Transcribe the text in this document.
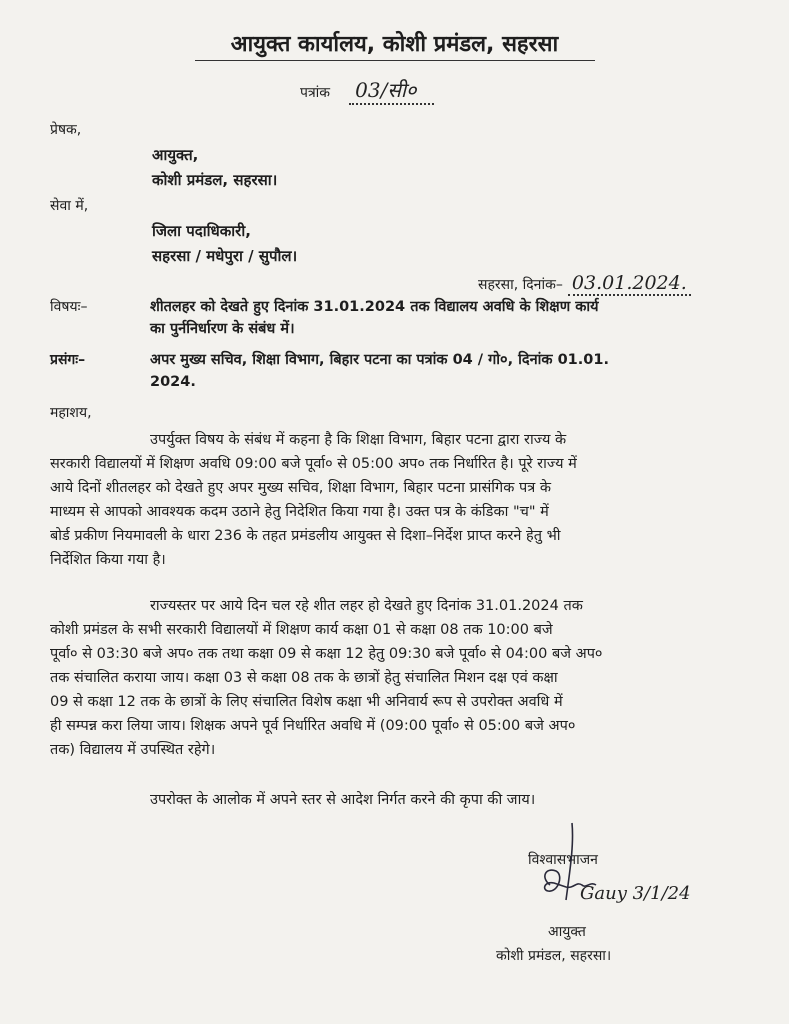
आयुक्त कार्यालय, कोशी प्रमंडल, सहरसा
पत्रांक 03/सी०
प्रेषक,
आयुक्त,
कोशी प्रमंडल, सहरसा।
सेवा में,
जिला पदाधिकारी,
सहरसा / मधेपुरा / सुपौल।
सहरसा, दिनांक– 03.01.2024.
विषयः–	शीतलहर को देखते हुए दिनांक 31.01.2024 तक विद्यालय अवधि के शिक्षण कार्य
का पुर्ननिर्धारण के संबंध में।
प्रसंगः–	अपर मुख्य सचिव, शिक्षा विभाग, बिहार पटना का पत्रांक 04 / गो०, दिनांक 01.01.
2024.
महाशय,
उपर्युक्त विषय के संबंध में कहना है कि शिक्षा विभाग, बिहार पटना द्वारा राज्य के
सरकारी विद्यालयों में शिक्षण अवधि 09:00 बजे पूर्वा० से 05:00 अप० तक निर्धारित है। पूरे राज्य में
आये दिनों शीतलहर को देखते हुए अपर मुख्य सचिव, शिक्षा विभाग, बिहार पटना प्रासंगिक पत्र के
माध्यम से आपको आवश्यक कदम उठाने हेतु निदेशित किया गया है। उक्त पत्र के कंडिका "च" में
बोर्ड प्रकीण नियमावली के धारा 236 के तहत प्रमंडलीय आयुक्त से दिशा–निर्देश प्राप्त करने हेतु भी
निर्देशित किया गया है।
राज्यस्तर पर आये दिन चल रहे शीत लहर हो देखते हुए दिनांक 31.01.2024 तक
कोशी प्रमंडल के सभी सरकारी विद्यालयों में शिक्षण कार्य कक्षा 01 से कक्षा 08 तक 10:00 बजे
पूर्वा० से 03:30 बजे अप० तक तथा कक्षा 09 से कक्षा 12 हेतु 09:30 बजे पूर्वा० से 04:00 बजे अप०
तक संचालित कराया जाय। कक्षा 03 से कक्षा 08 तक के छात्रों हेतु संचालित मिशन दक्ष एवं कक्षा
09 से कक्षा 12 तक के छात्रों के लिए संचालित विशेष कक्षा भी अनिवार्य रूप से उपरोक्त अवधि में
ही सम्पन्न करा लिया जाय। शिक्षक अपने पूर्व निर्धारित अवधि में (09:00 पूर्वा० से 05:00 बजे अप०
तक) विद्यालय में उपस्थित रहेगे।
उपरोक्त के आलोक में अपने स्तर से आदेश निर्गत करने की कृपा की जाय।
विश्वासभाजन
Gauy 3/1/24
आयुक्त
कोशी प्रमंडल, सहरसा।
